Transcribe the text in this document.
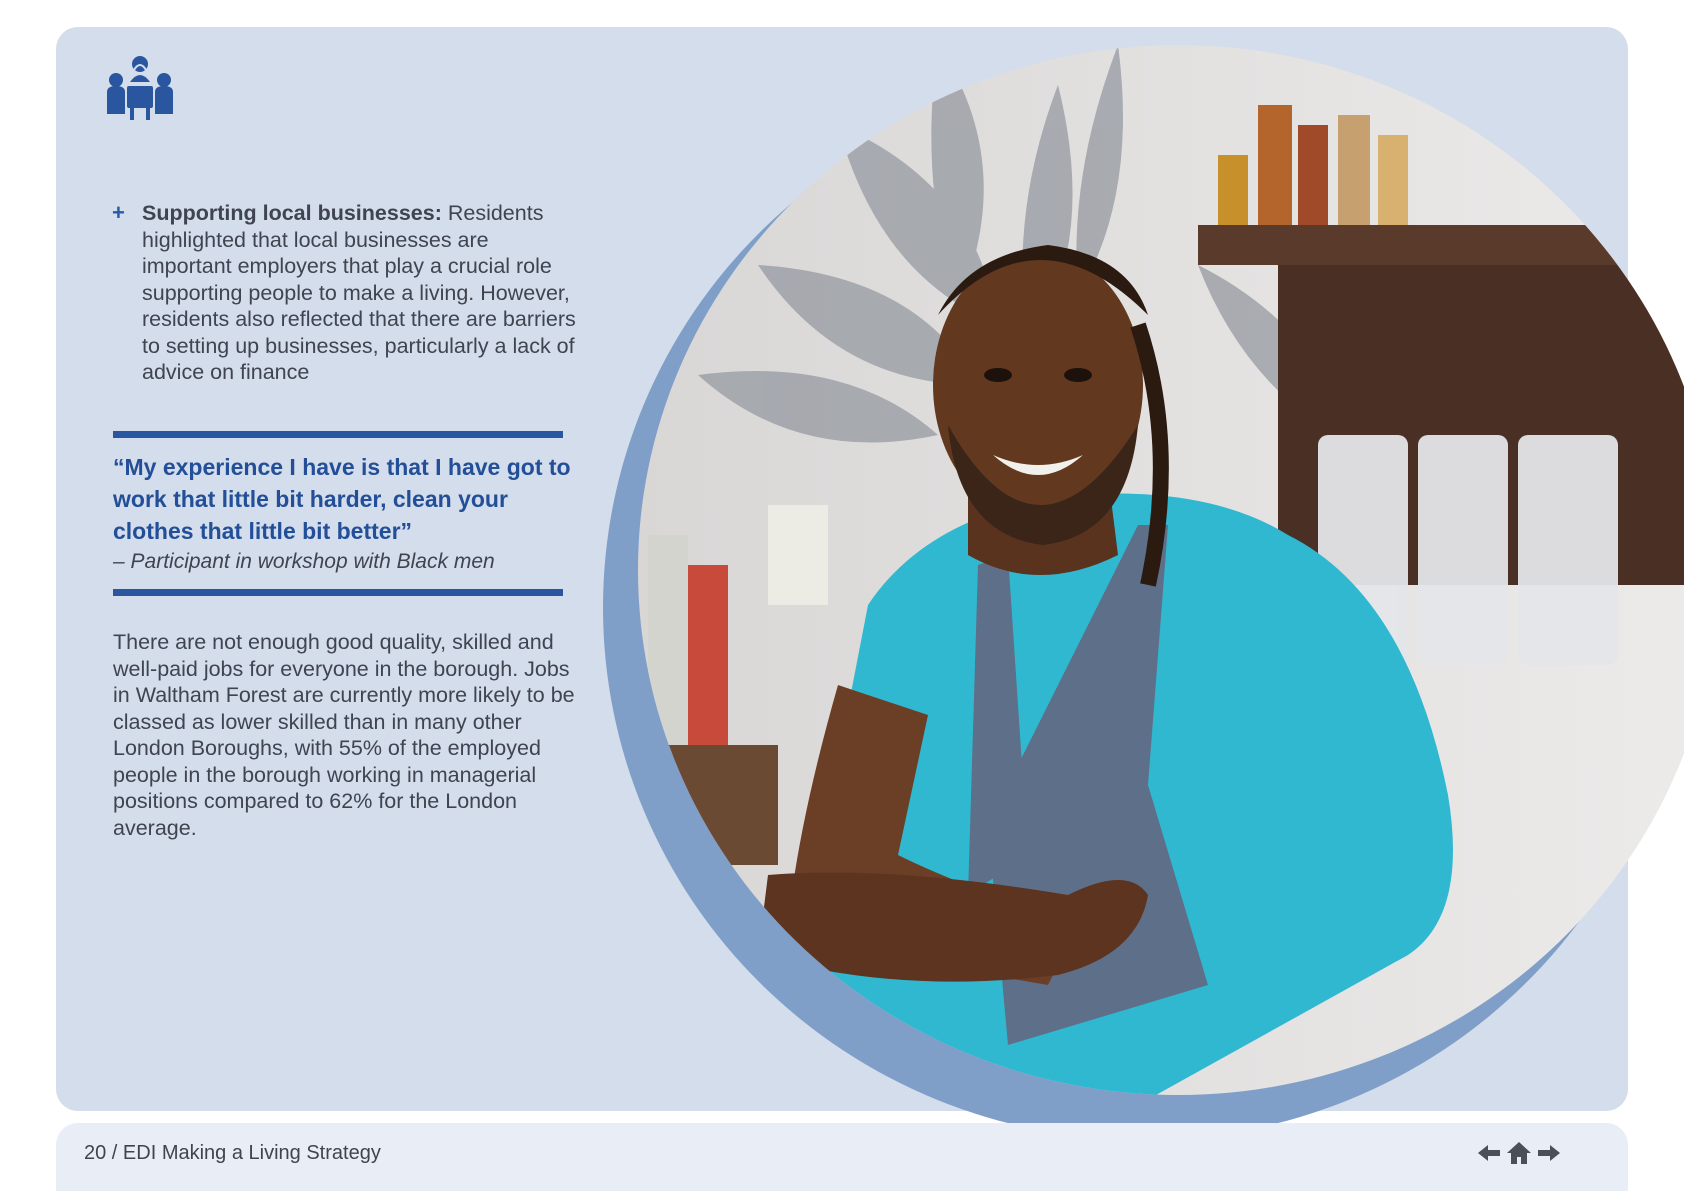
+ Supporting local businesses: Residents highlighted that local businesses are important employers that play a crucial role supporting people to make a living. However, residents also reflected that there are barriers to setting up businesses, particularly a lack of advice on finance
“My experience I have is that I have got to work that little bit harder, clean your clothes that little bit better”
– Participant in workshop with Black men
There are not enough good quality, skilled and well-paid jobs for everyone in the borough. Jobs in Waltham Forest are currently more likely to be classed as lower skilled than in many other London Boroughs, with 55% of the employed people in the borough working in managerial positions compared to 62% for the London average.
20 / EDI Making a Living Strategy
